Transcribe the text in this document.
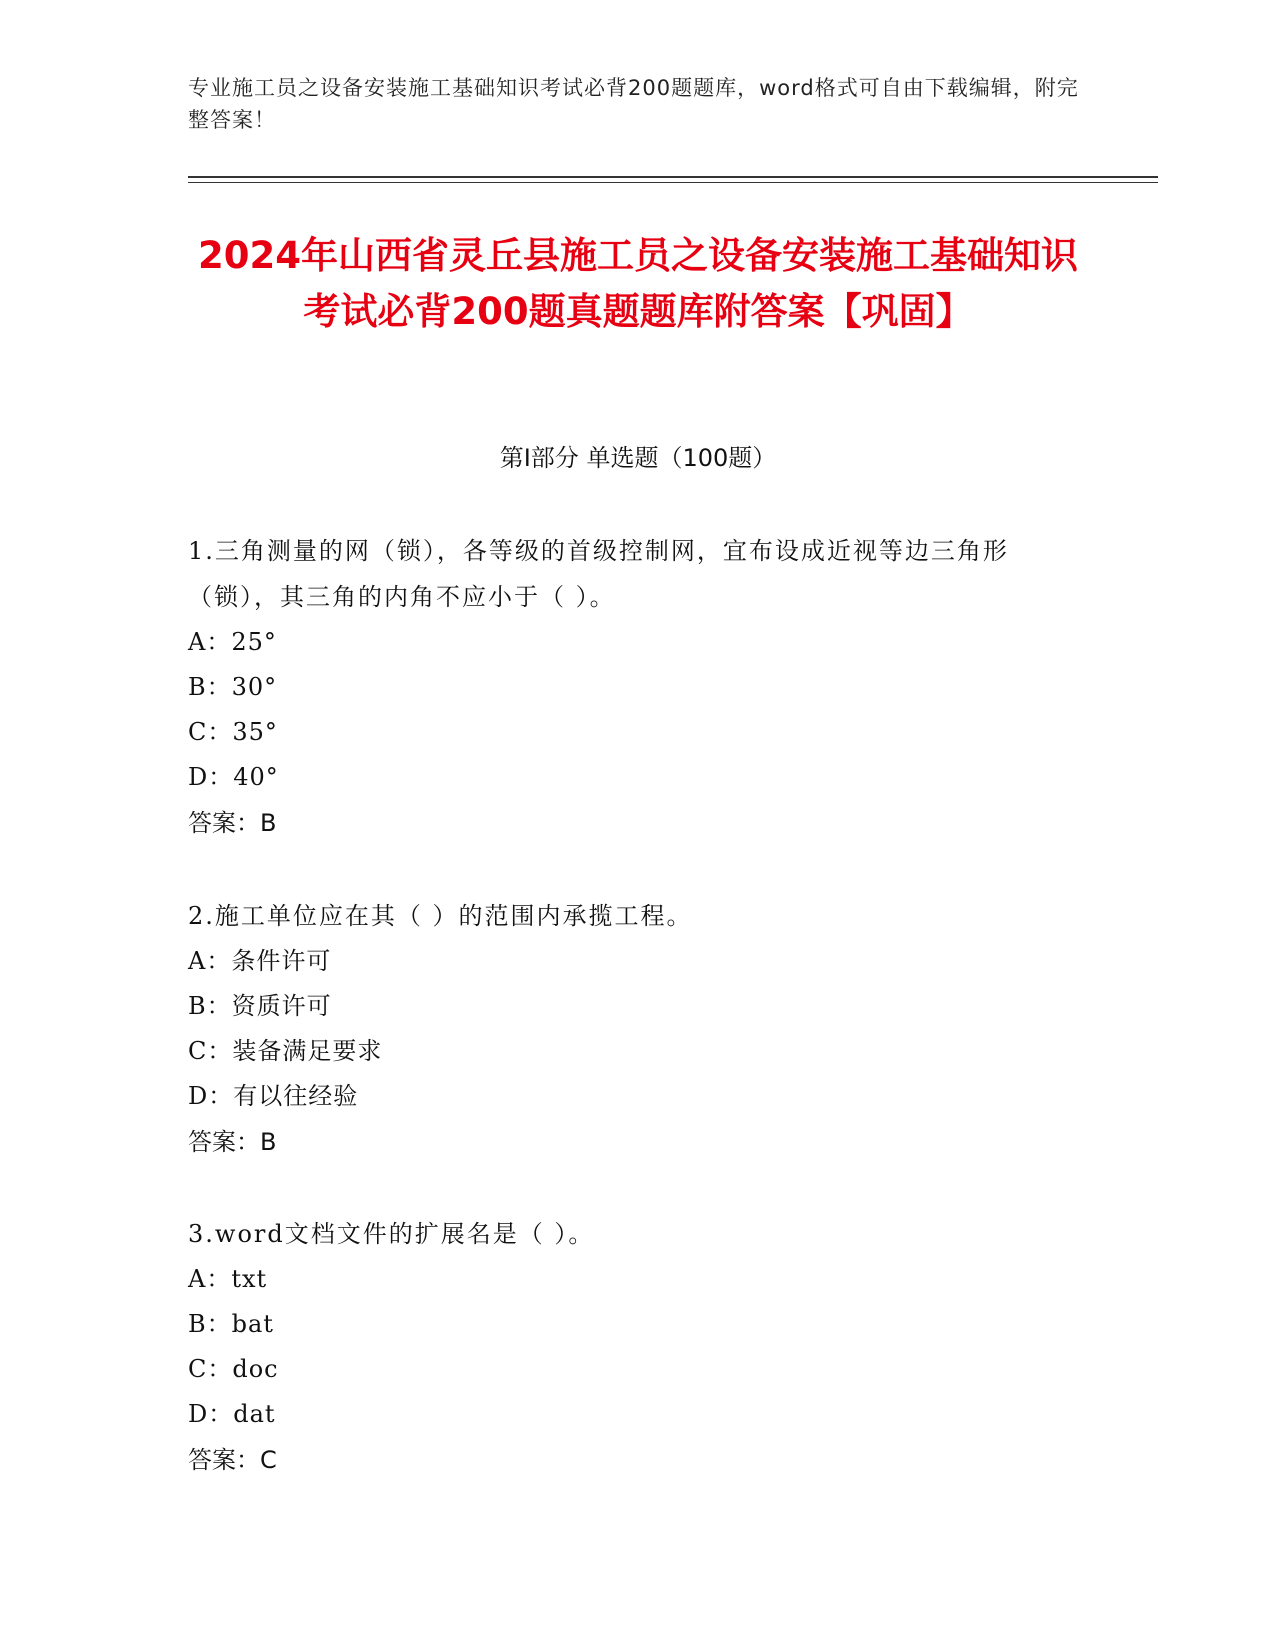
专业施工员之设备安装施工基础知识考试必背200题题库，word格式可自由下载编辑，附完整答案！
2024年山西省灵丘县施工员之设备安装施工基础知识考试必背200题真题题库附答案【巩固】
第Ⅰ部分 单选题（100题）
1.三角测量的网（锁），各等级的首级控制网，宜布设成近视等边三角形（锁），其三角的内角不应小于（ ）。
A：25°
B：30°
C：35°
D：40°
答案：B
2.施工单位应在其（ ）的范围内承揽工程。
A：条件许可
B：资质许可
C：装备满足要求
D：有以往经验
答案：B
3.word文档文件的扩展名是（ ）。
A：txt
B：bat
C：doc
D：dat
答案：C
